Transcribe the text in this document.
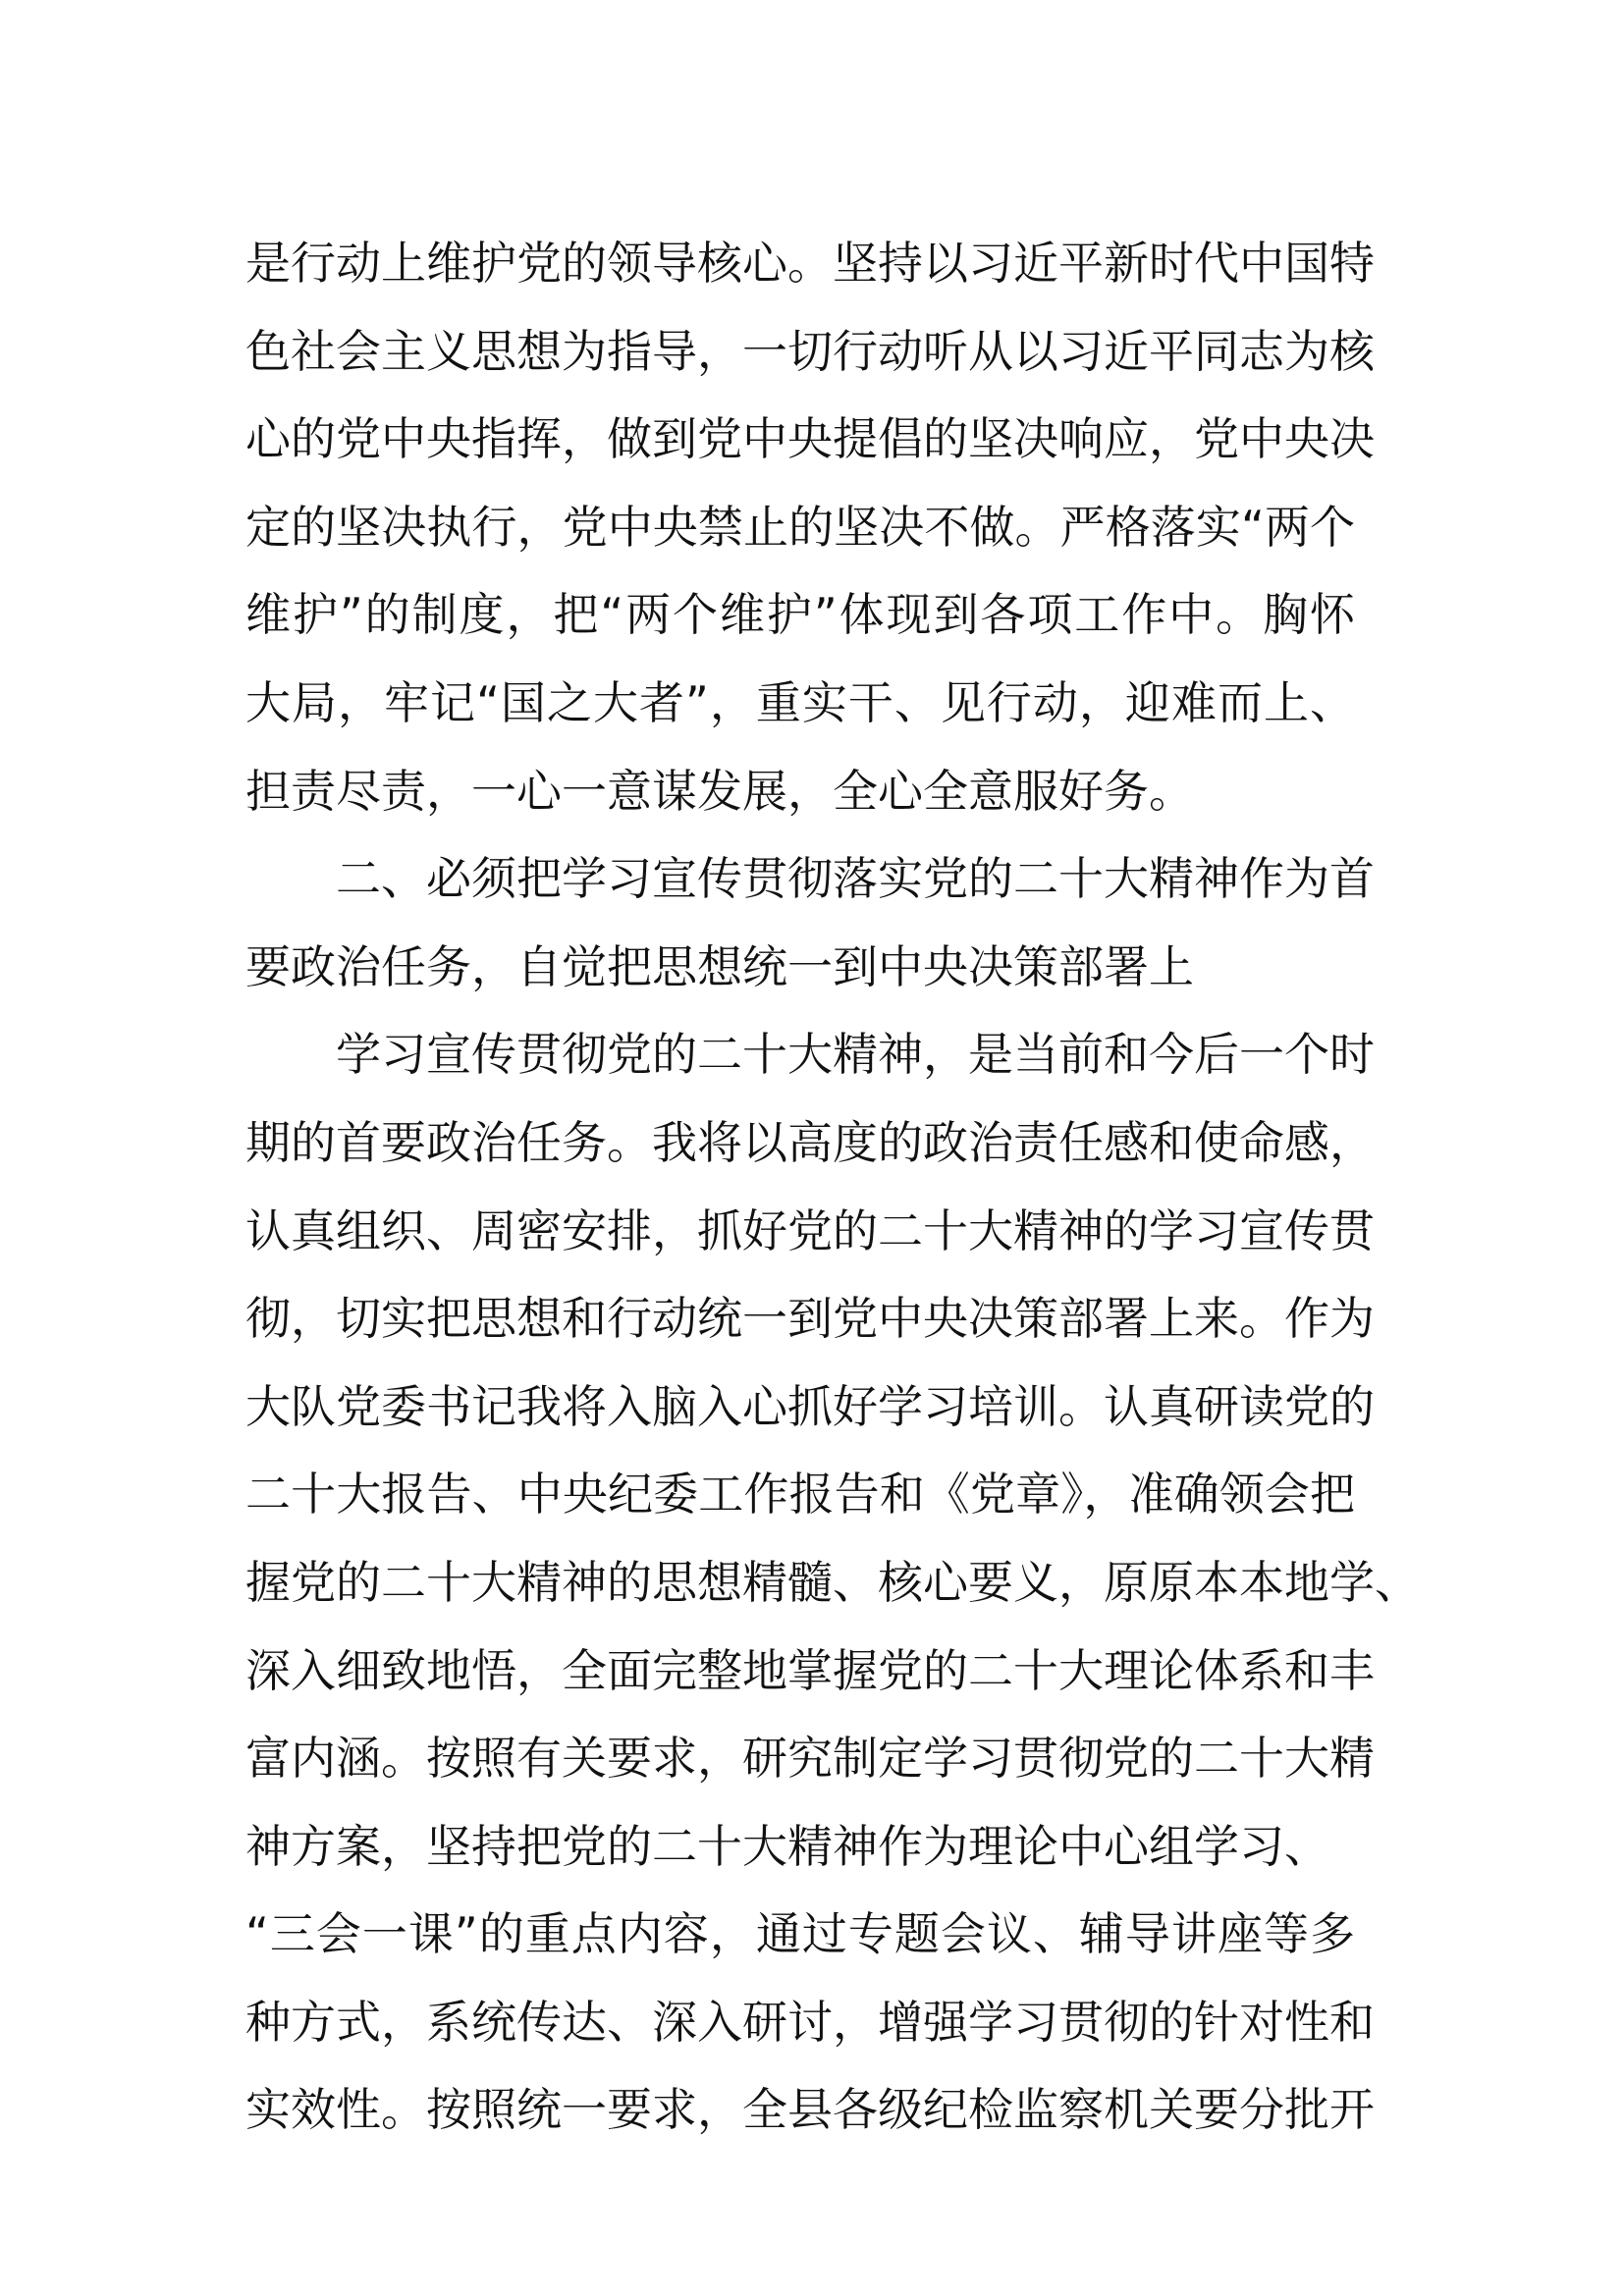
是行动上维护党的领导核心。坚持以习近平新时代中国特
色社会主义思想为指导，一切行动听从以习近平同志为核
心的党中央指挥，做到党中央提倡的坚决响应，党中央决
定的坚决执行，党中央禁止的坚决不做。严格落实“两个
维护”的制度，把“两个维护”体现到各项工作中。胸怀
大局，牢记“国之大者”，重实干、见行动，迎难而上、
担责尽责，一心一意谋发展，全心全意服好务。
二、必须把学习宣传贯彻落实党的二十大精神作为首
要政治任务，自觉把思想统一到中央决策部署上
学习宣传贯彻党的二十大精神，是当前和今后一个时
期的首要政治任务。我将以高度的政治责任感和使命感，
认真组织、周密安排，抓好党的二十大精神的学习宣传贯
彻，切实把思想和行动统一到党中央决策部署上来。作为
大队党委书记我将入脑入心抓好学习培训。认真研读党的
二十大报告、中央纪委工作报告和《党章》，准确领会把
握党的二十大精神的思想精髓、核心要义，原原本本地学、
深入细致地悟，全面完整地掌握党的二十大理论体系和丰
富内涵。按照有关要求，研究制定学习贯彻党的二十大精
神方案，坚持把党的二十大精神作为理论中心组学习、
“三会一课”的重点内容，通过专题会议、辅导讲座等多
种方式，系统传达、深入研讨，增强学习贯彻的针对性和
实效性。按照统一要求，全县各级纪检监察机关要分批开
